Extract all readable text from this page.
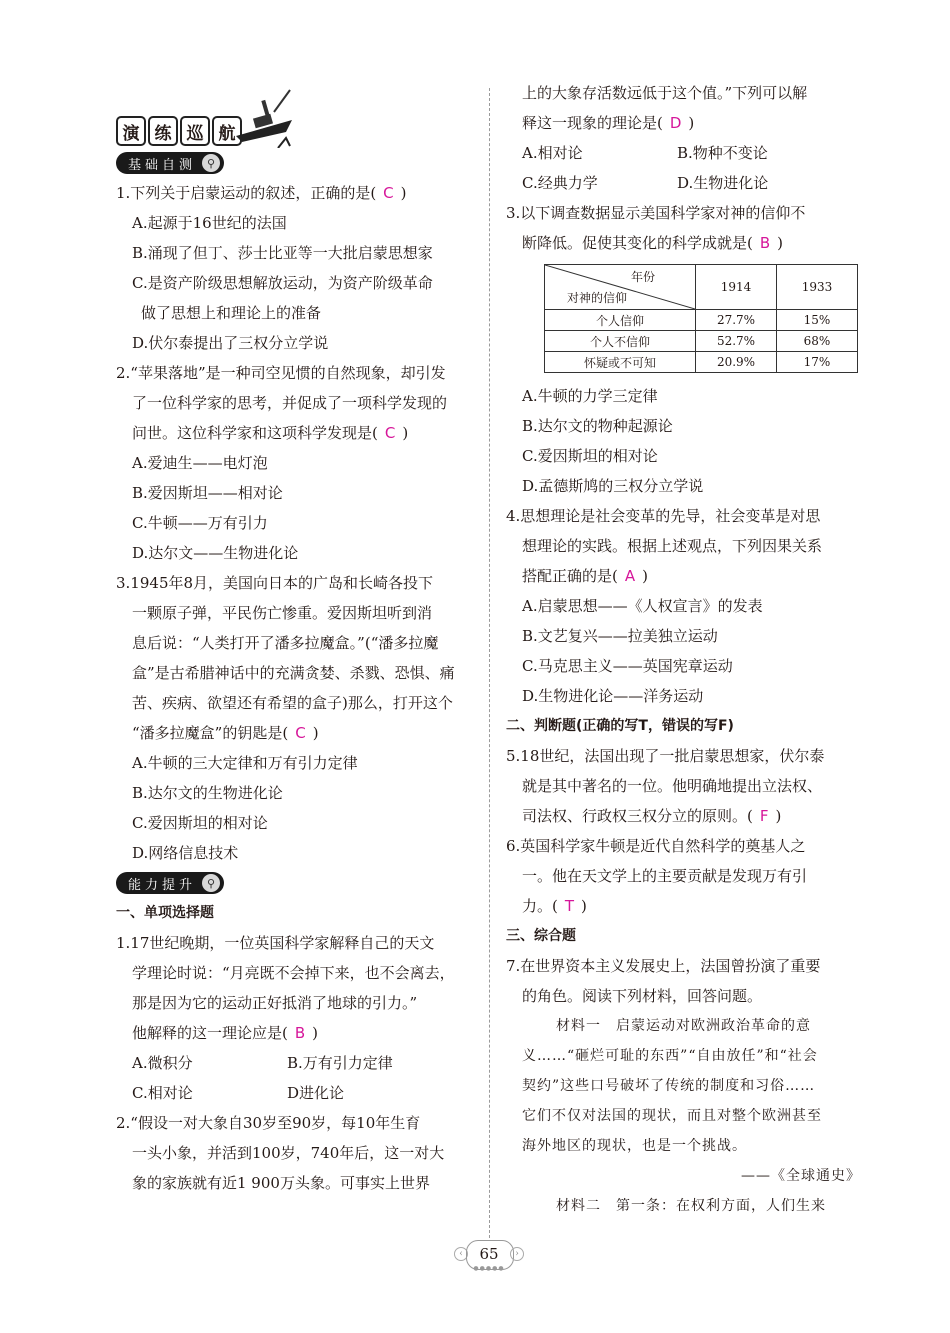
演 练 巡 航
基础自测 ⚲
1.下列关于启蒙运动的叙述，正确的是( C )
A.起源于16世纪的法国
B.涌现了但丁、莎士比亚等一大批启蒙思想家
C.是资产阶级思想解放运动，为资产阶级革命
做了思想上和理论上的准备
D.伏尔泰提出了三权分立学说
2.“苹果落地”是一种司空见惯的自然现象，却引发
了一位科学家的思考，并促成了一项科学发现的
问世。这位科学家和这项科学发现是( C )
A.爱迪生——电灯泡
B.爱因斯坦——相对论
C.牛顿——万有引力
D.达尔文——生物进化论
3.1945年8月，美国向日本的广岛和长崎各投下
一颗原子弹，平民伤亡惨重。爱因斯坦听到消
息后说：“人类打开了潘多拉魔盒。”(“潘多拉魔
盒”是古希腊神话中的充满贪婪、杀戮、恐惧、痛
苦、疾病、欲望还有希望的盒子)那么，打开这个
“潘多拉魔盒”的钥匙是( C )
A.牛顿的三大定律和万有引力定律
B.达尔文的生物进化论
C.爱因斯坦的相对论
D.网络信息技术
能力提升 ⚲
一、单项选择题
1.17世纪晚期，一位英国科学家解释自己的天文
学理论时说：“月亮既不会掉下来，也不会离去，
那是因为它的运动正好抵消了地球的引力。”
他解释的这一理论应是( B )
A.微积分	B.万有引力定律
C.相对论	D进化论
2.“假设一对大象自30岁至90岁，每10年生育
一头小象，并活到100岁，740年后，这一对大
象的家族就有近1 900万头象。可事实上世界
上的大象存活数远低于这个值。”下列可以解
释这一现象的理论是( D )
A.相对论	B.物种不变论
C.经典力学	D.生物进化论
3.以下调查数据显示美国科学家对神的信仰不
断降低。促使其变化的科学成就是( B )
年份
对神的信仰	1914	1933
个人信仰	27.7%	15%
个人不信仰	52.7%	68%
怀疑或不可知	20.9%	17%
A.牛顿的力学三定律
B.达尔文的物种起源论
C.爱因斯坦的相对论
D.孟德斯鸠的三权分立学说
4.思想理论是社会变革的先导，社会变革是对思
想理论的实践。根据上述观点，下列因果关系
搭配正确的是( A )
A.启蒙思想——《人权宣言》的发表
B.文艺复兴——拉美独立运动
C.马克思主义——英国宪章运动
D.生物进化论——洋务运动
二、判断题(正确的写T，错误的写F)
5.18世纪，法国出现了一批启蒙思想家，伏尔泰
就是其中著名的一位。他明确地提出立法权、
司法权、行政权三权分立的原则。( F )
6.英国科学家牛顿是近代自然科学的奠基人之
一。他在天文学上的主要贡献是发现万有引
力。( T )
三、综合题
7.在世界资本主义发展史上，法国曾扮演了重要
的角色。阅读下列材料，回答问题。
材料一　启蒙运动对欧洲政治革命的意
义……“砸烂可耻的东西”“自由放任”和“社会
契约”这些口号破坏了传统的制度和习俗……
它们不仅对法国的现状，而且对整个欧洲甚至
海外地区的现状，也是一个挑战。
——《全球通史》
材料二　第一条：在权利方面，人们生来
‹	65	›
●●●●●
